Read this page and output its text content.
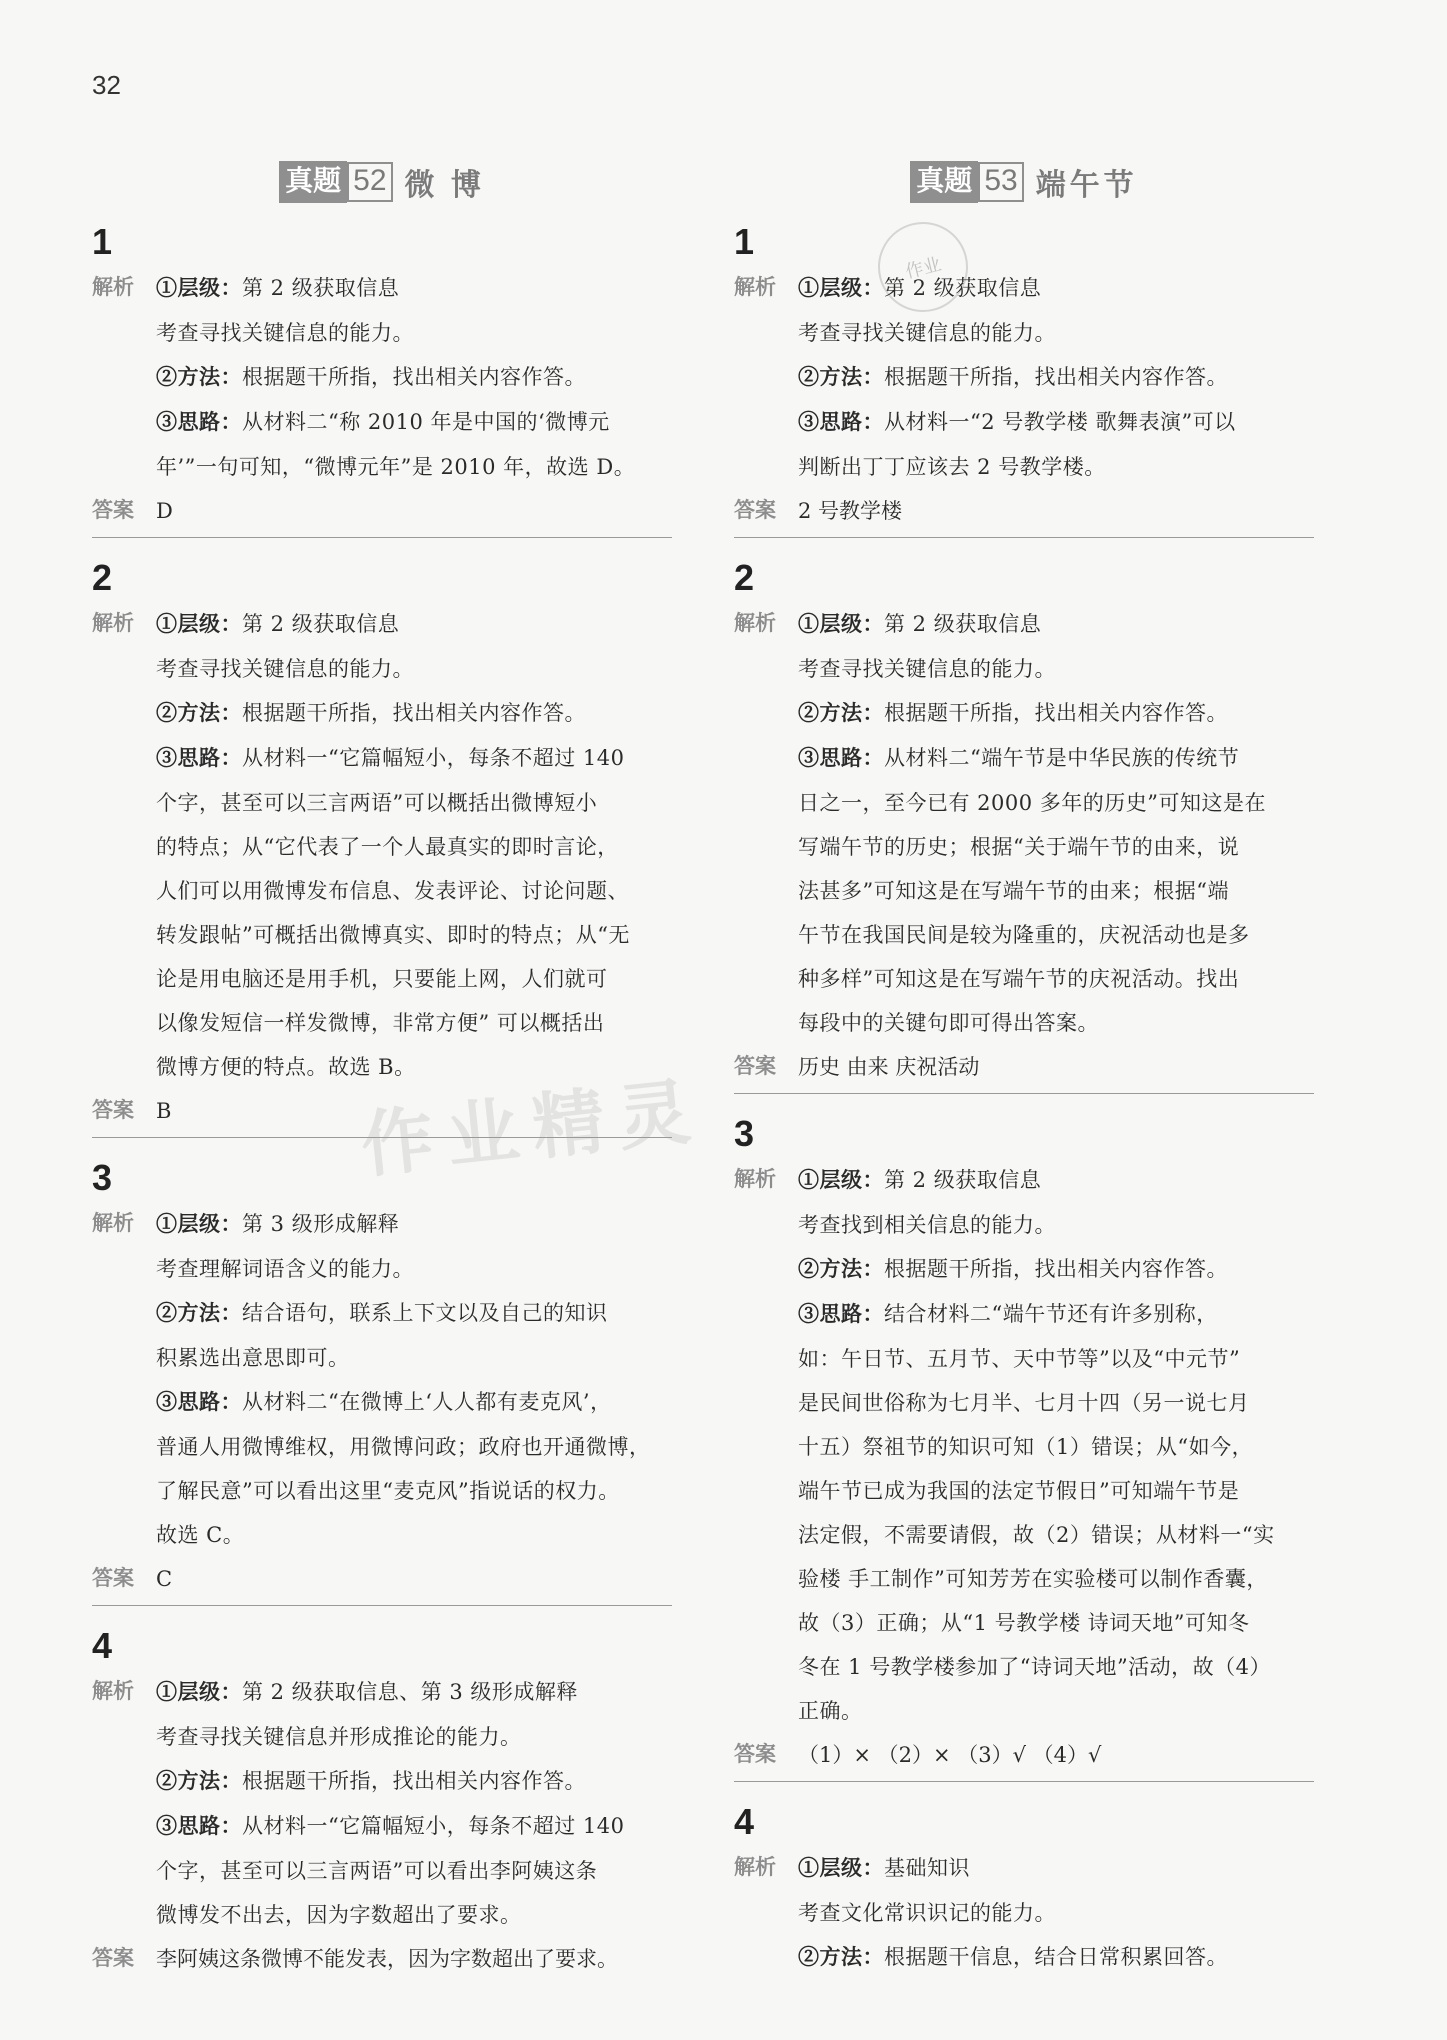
32
作业精灵
作业
真题 52 微 博
1
解析	①层级：第 2 级获取信息
考查寻找关键信息的能力。
②方法：根据题干所指，找出相关内容作答。
③思路：从材料二“称 2010 年是中国的‘微博元
年’”一句可知，“微博元年”是 2010 年，故选 D。
答案	D
2
解析	①层级：第 2 级获取信息
考查寻找关键信息的能力。
②方法：根据题干所指，找出相关内容作答。
③思路：从材料一“它篇幅短小，每条不超过 140
个字，甚至可以三言两语”可以概括出微博短小
的特点；从“它代表了一个人最真实的即时言论，
人们可以用微博发布信息、发表评论、讨论问题、
转发跟帖”可概括出微博真实、即时的特点；从“无
论是用电脑还是用手机，只要能上网，人们就可
以像发短信一样发微博，非常方便” 可以概括出
微博方便的特点。故选 B。
答案	B
3
解析	①层级：第 3 级形成解释
考查理解词语含义的能力。
②方法：结合语句，联系上下文以及自己的知识
积累选出意思即可。
③思路：从材料二“在微博上‘人人都有麦克风’，
普通人用微博维权，用微博问政；政府也开通微博，
了解民意”可以看出这里“麦克风”指说话的权力。
故选 C。
答案	C
4
解析	①层级：第 2 级获取信息、第 3 级形成解释
考查寻找关键信息并形成推论的能力。
②方法：根据题干所指，找出相关内容作答。
③思路：从材料一“它篇幅短小，每条不超过 140
个字，甚至可以三言两语”可以看出李阿姨这条
微博发不出去，因为字数超出了要求。
答案	李阿姨这条微博不能发表，因为字数超出了要求。
真题 53 端午节
1
解析	①层级：第 2 级获取信息
考查寻找关键信息的能力。
②方法：根据题干所指，找出相关内容作答。
③思路：从材料一“2 号教学楼 歌舞表演”可以
判断出丁丁应该去 2 号教学楼。
答案	2 号教学楼
2
解析	①层级：第 2 级获取信息
考查寻找关键信息的能力。
②方法：根据题干所指，找出相关内容作答。
③思路：从材料二“端午节是中华民族的传统节
日之一，至今已有 2000 多年的历史”可知这是在
写端午节的历史；根据“关于端午节的由来，说
法甚多”可知这是在写端午节的由来；根据“端
午节在我国民间是较为隆重的，庆祝活动也是多
种多样”可知这是在写端午节的庆祝活动。找出
每段中的关键句即可得出答案。
答案	历史 由来 庆祝活动
3
解析	①层级：第 2 级获取信息
考查找到相关信息的能力。
②方法：根据题干所指，找出相关内容作答。
③思路：结合材料二“端午节还有许多别称，
如：午日节、五月节、天中节等”以及“中元节”
是民间世俗称为七月半、七月十四（另一说七月
十五）祭祖节的知识可知（1）错误；从“如今，
端午节已成为我国的法定节假日”可知端午节是
法定假，不需要请假，故（2）错误；从材料一“实
验楼 手工制作”可知芳芳在实验楼可以制作香囊，
故（3）正确；从“1 号教学楼 诗词天地”可知冬
冬在 1 号教学楼参加了“诗词天地”活动，故（4）
正确。
答案	（1）× （2）× （3）√ （4）√
4
解析	①层级：基础知识
考查文化常识识记的能力。
②方法：根据题干信息，结合日常积累回答。
